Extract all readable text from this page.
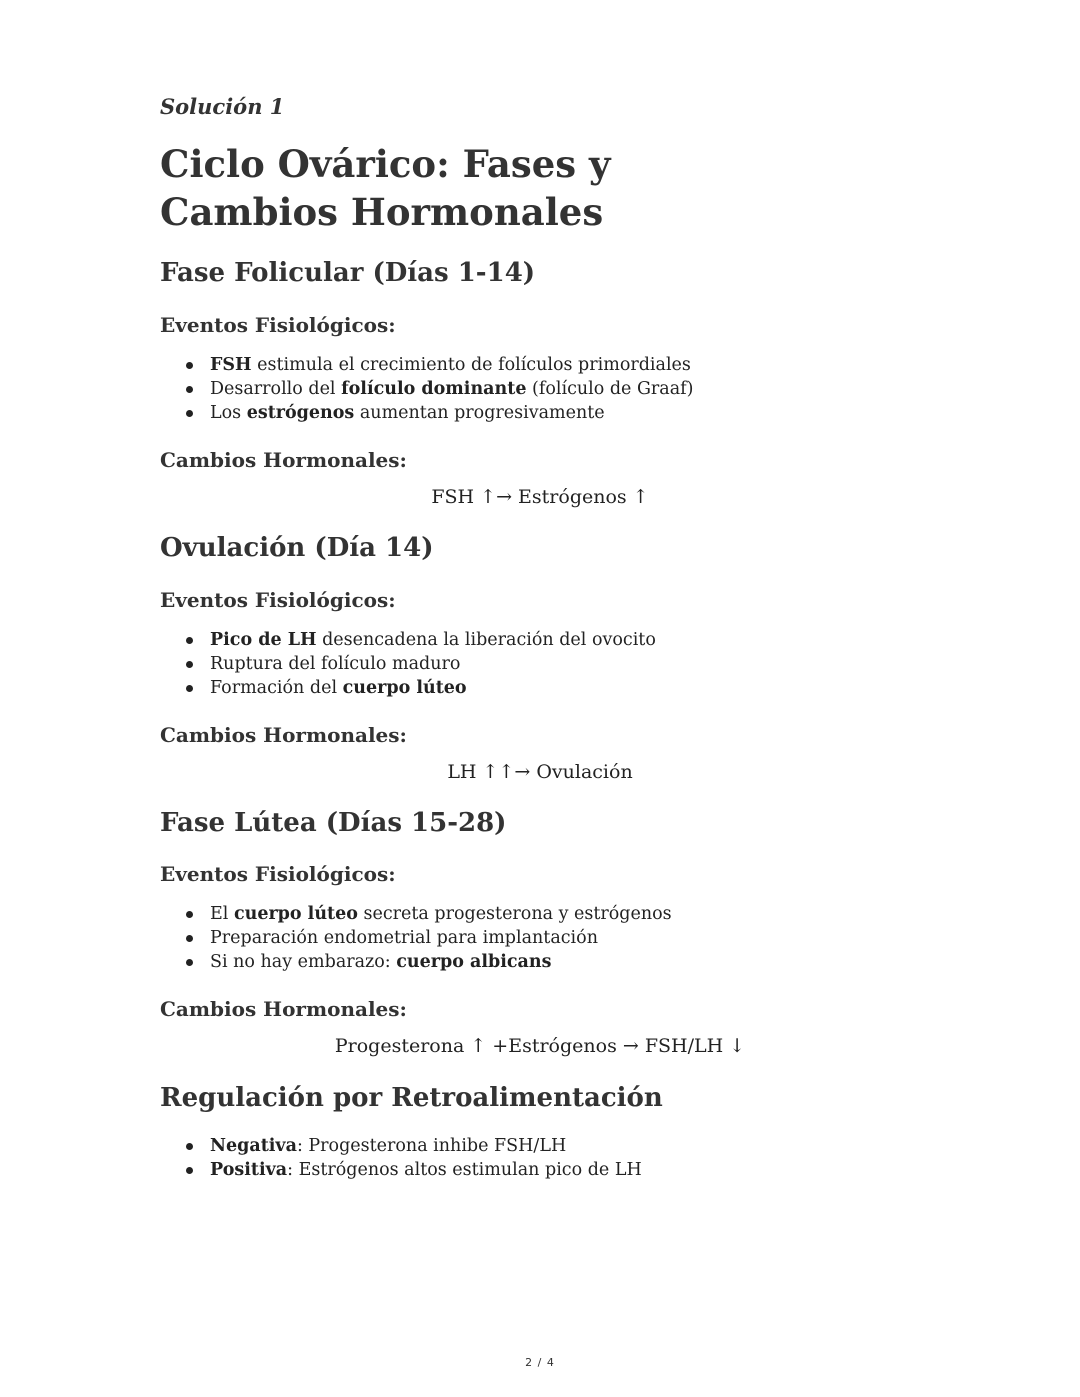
Solución 1

Ciclo Ovárico: Fases y Cambios Hormonales
Fase Folicular (Días 1-14)
Eventos Fisiológicos:
FSH estimula el crecimiento de folículos primordiales
Desarrollo del folículo dominante (folículo de Graaf)
Los estrógenos aumentan progresivamente
Cambios Hormonales:
FSH ↑→ Estrógenos ↑
Ovulación (Día 14)
Eventos Fisiológicos:
Pico de LH desencadena la liberación del ovocito
Ruptura del folículo maduro
Formación del cuerpo lúteo
Cambios Hormonales:
LH ↑↑→ Ovulación
Fase Lútea (Días 15-28)
Eventos Fisiológicos:
El cuerpo lúteo secreta progesterona y estrógenos
Preparación endometrial para implantación
Si no hay embarazo: cuerpo albicans
Cambios Hormonales:
Progesterona ↑ +Estrógenos → FSH/LH ↓
Regulación por Retroalimentación
Negativa: Progesterona inhibe FSH/LH
Positiva: Estrógenos altos estimulan pico de LH
2 / 4
